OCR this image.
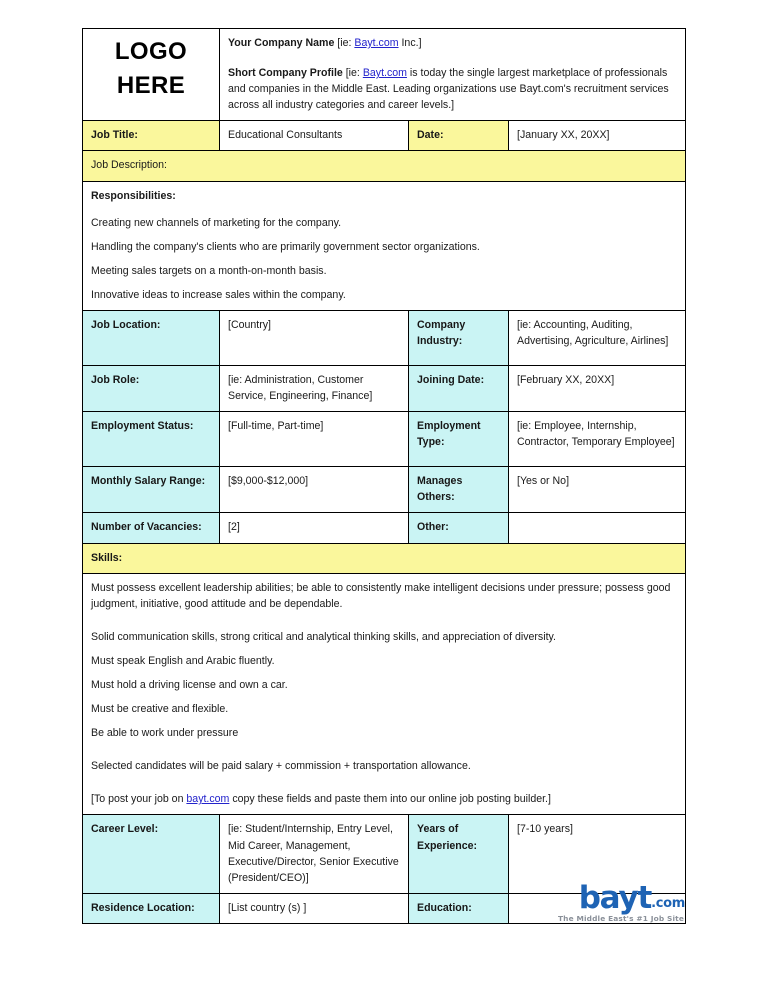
LOGO
HERE

Your Company Name [ie: Bayt.com Inc.]

Short Company Profile [ie: Bayt.com is today the single largest marketplace of professionals and companies in the Middle East. Leading organizations use Bayt.com's recruitment services across all industry categories and career levels.]

Job Title:	Educational Consultants	Date:	[January XX, 20XX]
Job Description:			

Responsibilities:

Creating new channels of marketing for the company.

Handling the company's clients who are primarily government sector organizations.

Meeting sales targets on a month-on-month basis.

Innovative ideas to increase sales within the company.			

Job Location:	[Country]	Company Industry:	[ie: Accounting, Auditing, Advertising, Agriculture, Airlines]
Job Role:	[ie: Administration, Customer Service, Engineering, Finance]	Joining Date:	[February XX, 20XX]
Employment Status:	[Full-time, Part-time]	Employment Type:	[ie: Employee, Internship, Contractor, Temporary Employee]
Monthly Salary Range:	[$9,000-$12,000]	Manages Others:	[Yes or No]
Number of Vacancies:	[2]	Other:	
Skills:			

Must possess excellent leadership abilities; be able to consistently make intelligent decisions under pressure; possess good judgment, initiative, good attitude and be dependable.

Solid communication skills, strong critical and analytical thinking skills, and appreciation of diversity.

Must speak English and Arabic fluently.

Must hold a driving license and own a car.

Must be creative and flexible.

Be able to work under pressure

Selected candidates will be paid salary + commission + transportation allowance.

[To post your job on bayt.com copy these fields and paste them into our online job posting builder.]

Career Level:	[ie: Student/Internship, Entry Level, Mid Career, Management, Executive/Director, Senior Executive (President/CEO)]	Years of Experience:	[7-10 years]
Residence Location:	[List country (s) ]	Education:		bayt .com
The Middle East's #1 Job Site
